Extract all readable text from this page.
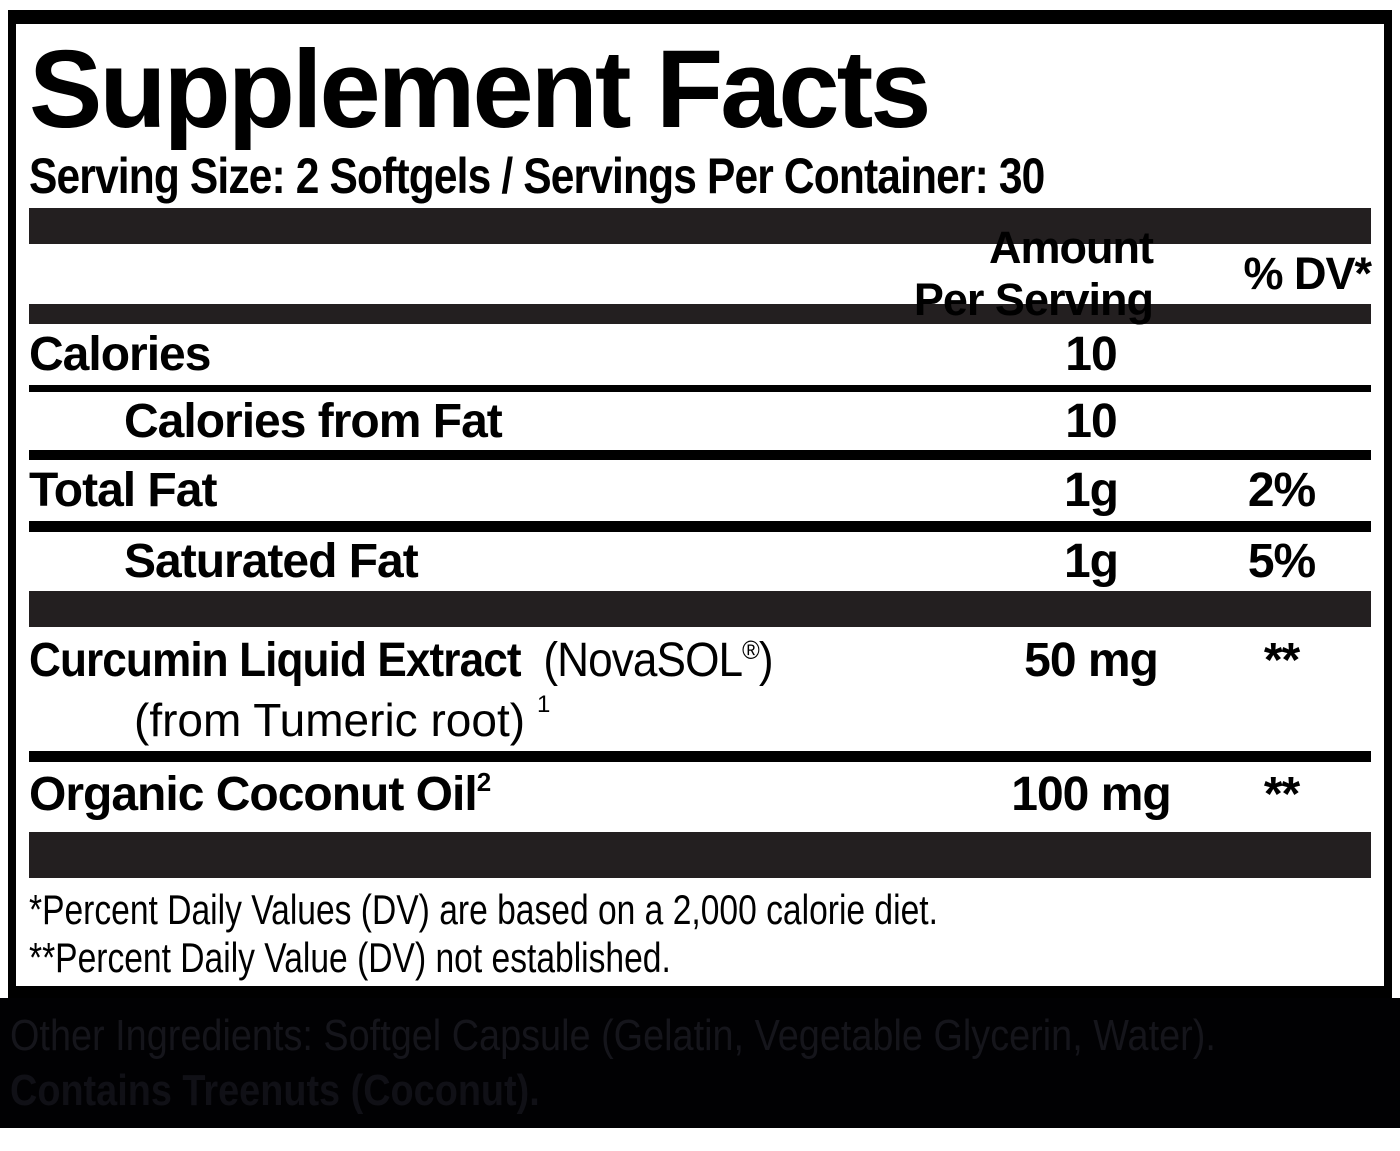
Supplement Facts
Serving Size: 2 Softgels / Servings Per Container: 30
Amount Per Serving
% DV*
Calories	10
Calories from Fat	10
Total Fat	1g	2%
Saturated Fat	1g	5%
Curcumin Liquid Extract (NovaSOL®)	50 mg	**
(from Tumeric root) $^1$
Organic Coconut Oil$^2$	100 mg	**
*Percent Daily Values (DV) are based on a 2,000 calorie diet.
**Percent Daily Value (DV) not established.
Other Ingredients: Softgel Capsule (Gelatin, Vegetable Glycerin, Water).
Contains Treenuts (Coconut).
